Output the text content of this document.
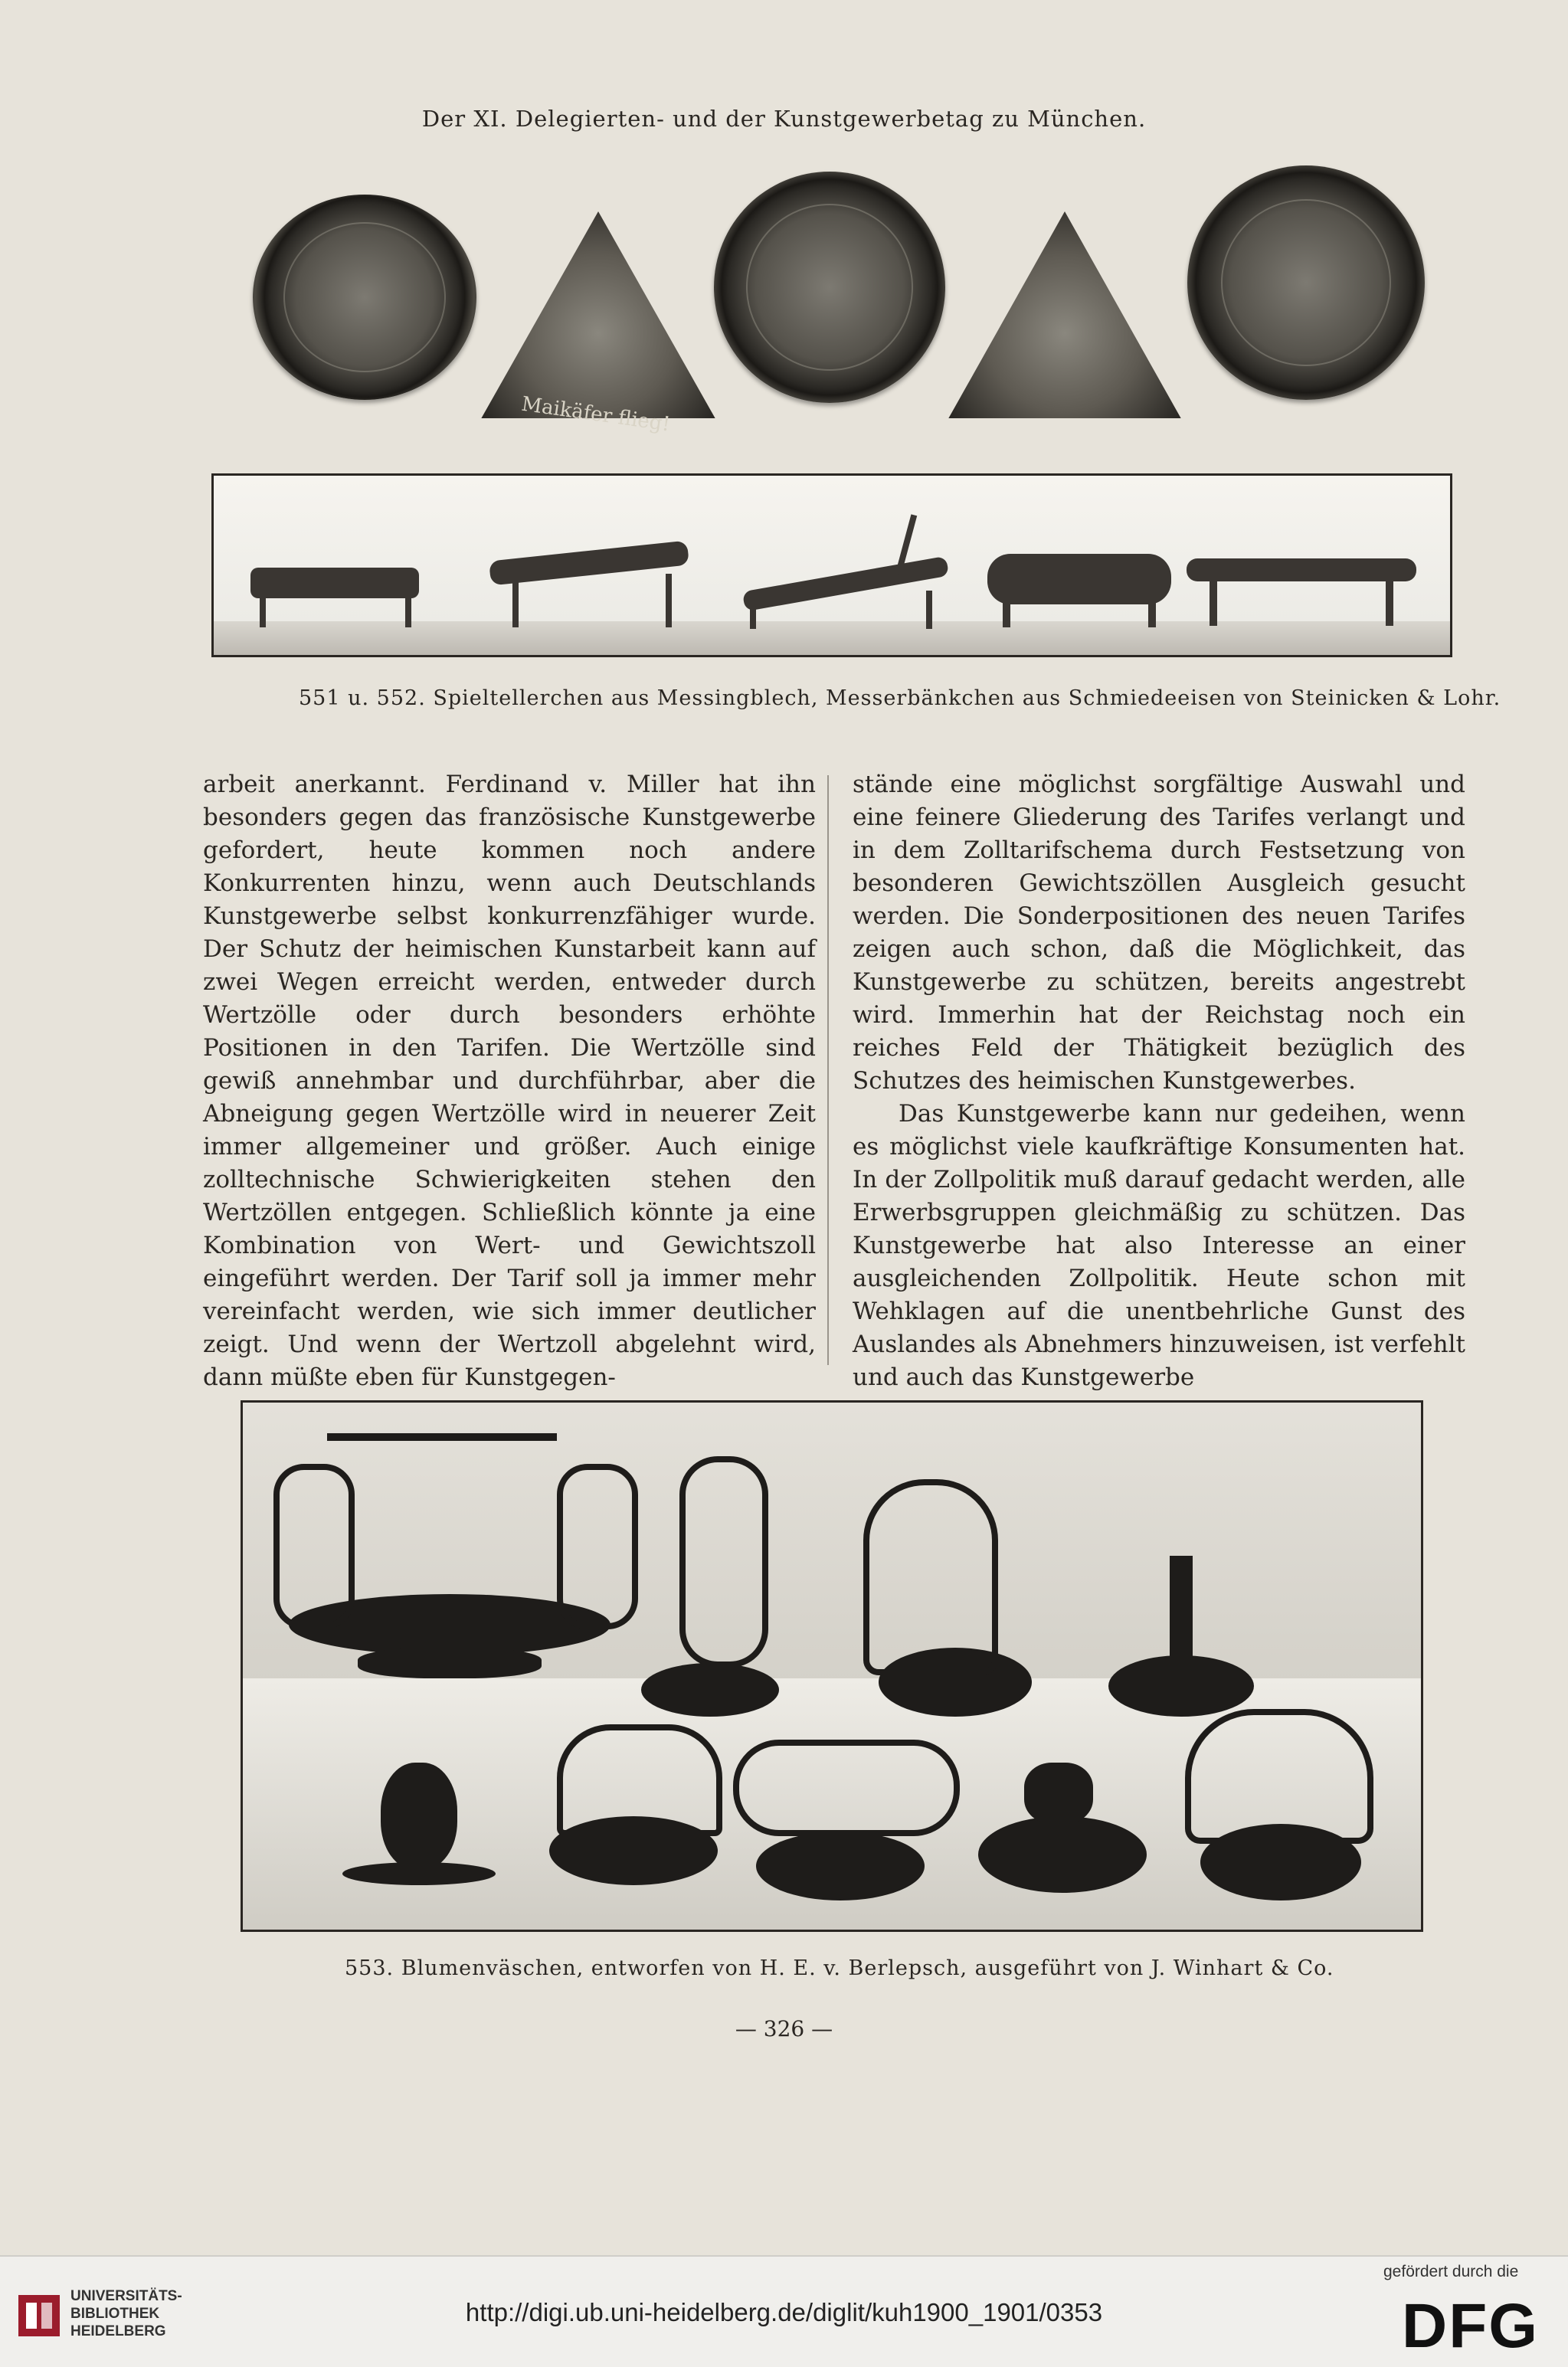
Der XI. Delegierten- und der Kunstgewerbetag zu München.
Maikäfer flieg!
551 u. 552. Spieltellerchen aus Messingblech, Messerbänkchen aus Schmiedeeisen von Steinicken & Lohr.

arbeit anerkannt. Ferdinand v. Miller hat ihn besonders gegen das französische Kunstgewerbe gefordert, heute kommen noch andere Konkurrenten hinzu, wenn auch Deutschlands Kunstgewerbe selbst konkurrenzfähiger wurde. Der Schutz der heimischen Kunstarbeit kann auf zwei Wegen erreicht werden, entweder durch Wertzölle oder durch besonders erhöhte Positionen in den Tarifen. Die Wertzölle sind gewiß annehmbar und durchführbar, aber die Abneigung gegen Wertzölle wird in neuerer Zeit immer allgemeiner und größer. Auch einige zolltechnische Schwierigkeiten stehen den Wertzöllen entgegen. Schließlich könnte ja eine Kombination von Wert- und Gewichtszoll eingeführt werden. Der Tarif soll ja immer mehr vereinfacht werden, wie sich immer deutlicher zeigt. Und wenn der Wertzoll abgelehnt wird, dann müßte eben für Kunstgegen-

stände eine möglichst sorgfältige Auswahl und eine feinere Gliederung des Tarifes verlangt und in dem Zolltarifschema durch Festsetzung von besonderen Gewichtszöllen Ausgleich gesucht werden. Die Sonderpositionen des neuen Tarifes zeigen auch schon, daß die Möglichkeit, das Kunstgewerbe zu schützen, bereits angestrebt wird. Immerhin hat der Reichstag noch ein reiches Feld der Thätigkeit bezüglich des Schutzes des heimischen Kunstgewerbes.

Das Kunstgewerbe kann nur gedeihen, wenn es möglichst viele kaufkräftige Konsumenten hat. In der Zollpolitik muß darauf gedacht werden, alle Erwerbsgruppen gleichmäßig zu schützen. Das Kunstgewerbe hat also Interesse an einer ausgleichenden Zollpolitik. Heute schon mit Wehklagen auf die unentbehrliche Gunst des Auslandes als Abnehmers hinzuweisen, ist verfehlt und auch das Kunstgewerbe

553. Blumenväschen, entworfen von H. E. v. Berlepsch, ausgeführt von J. Winhart & Co.
— 326 —
UNIVERSITÄTS-
BIBLIOTHEK
HEIDELBERG
http://digi.ub.uni-heidelberg.de/diglit/kuh1900_1901/0353
gefördert durch die
DFG
